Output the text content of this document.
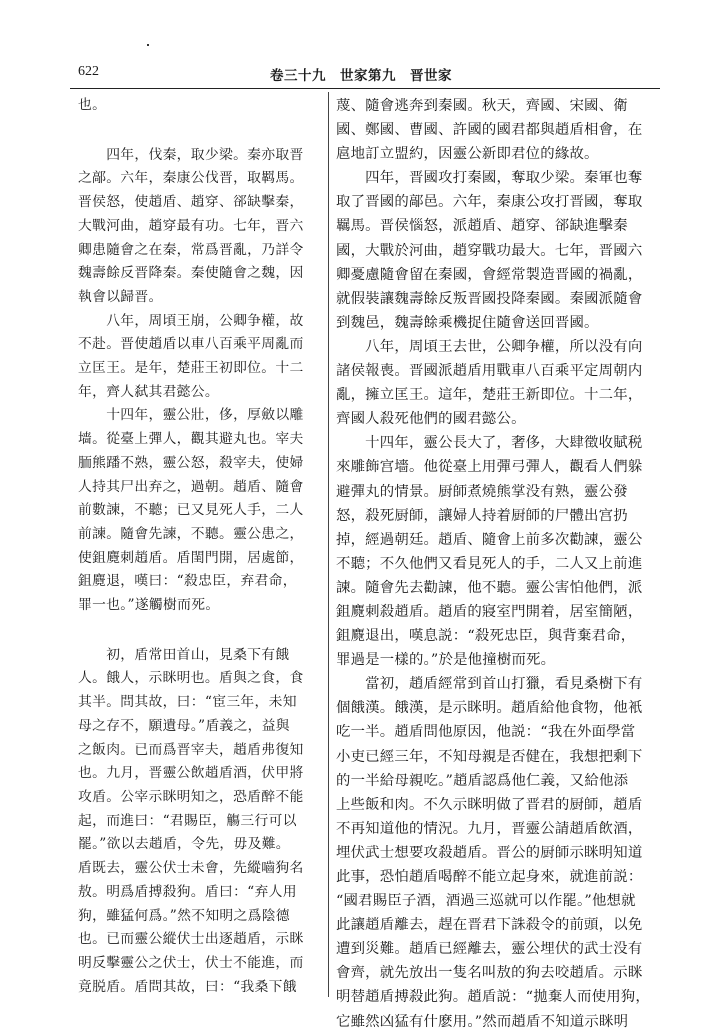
622	卷三十九　世家第九　晋世家

也。

　　四年，伐秦，取少梁。秦亦取晋
之鄗。六年，秦康公伐晋，取羁馬。
晋侯怒，使趙盾、趙穿、郤缺擊秦，
大戰河曲，趙穿最有功。七年，晋六
卿患隨會之在秦，常爲晋亂，乃詳令
魏壽餘反晋降秦。秦使隨會之魏，因
執會以歸晋。

　　八年，周頃王崩，公卿争權，故
不赴。晋使趙盾以車八百乘平周亂而
立匡王。是年，楚莊王初即位。十二
年，齊人弑其君懿公。

　　十四年，靈公壯，侈，厚斂以雕
墙。從臺上彈人，觀其避丸也。宰夫
胹熊蹯不熟，靈公怒，殺宰夫，使婦
人持其尸出弃之，過朝。趙盾、隨會
前數諫，不聽；已又見死人手，二人
前諫。隨會先諫，不聽。靈公患之，
使鉏麑刺趙盾。盾閨門開，居處節，
鉏麑退，嘆曰：“殺忠臣，弃君命，
罪一也。”遂觸樹而死。

　　初，盾常田首山，見桑下有餓
人。餓人，示眯明也。盾與之食，食
其半。問其故，曰：“宦三年，未知
母之存不，願遺母。”盾義之，益與
之飯肉。已而爲晋宰夫，趙盾弗復知
也。九月，晋靈公飲趙盾酒，伏甲將
攻盾。公宰示眯明知之，恐盾醉不能
起，而進曰：“君賜臣，觴三行可以
罷。”欲以去趙盾，令先，毋及難。
盾既去，靈公伏士未會，先縱嚙狗名
敖。明爲盾搏殺狗。盾曰：“弃人用
狗，雖猛何爲。”然不知明之爲陰德
也。已而靈公縱伏士出逐趙盾，示眯
明反擊靈公之伏士，伏士不能進，而
竟脱盾。盾問其故，曰：“我桑下餓

蔑、隨會逃奔到秦國。秋天，齊國、宋國、衛
國、鄭國、曹國、許國的國君都與趙盾相會，在
扈地訂立盟約，因靈公新即君位的緣故。

　　四年，晋國攻打秦國，奪取少梁。秦軍也奪
取了晋國的鄗邑。六年，秦康公攻打晋國，奪取
羈馬。晋侯惱怒，派趙盾、趙穿、郤缺進擊秦
國，大戰於河曲，趙穿戰功最大。七年，晋國六
卿憂慮隨會留在秦國，會經常製造晋國的禍亂，
就假裝讓魏壽餘反叛晋國投降秦國。秦國派隨會
到魏邑，魏壽餘乘機捉住隨會送回晋國。

　　八年，周頃王去世，公卿争權，所以没有向
諸侯報喪。晋國派趙盾用戰車八百乘平定周朝内
亂，擁立匡王。這年，楚莊王新即位。十二年，
齊國人殺死他們的國君懿公。

　　十四年，靈公長大了，奢侈，大肆徵收賦税
來雕飾宫墻。他從臺上用彈弓彈人，觀看人們躲
避彈丸的情景。厨師煮燒熊掌没有熟，靈公發
怒，殺死厨師，讓婦人持着厨師的尸體出宫扔
掉，經過朝廷。趙盾、隨會上前多次勸諫，靈公
不聽；不久他們又看見死人的手，二人又上前進
諫。隨會先去勸諫，他不聽。靈公害怕他們，派
鉏麑刺殺趙盾。趙盾的寢室門開着，居室簡陋，
鉏麑退出，嘆息説：“殺死忠臣，與背棄君命，
罪過是一樣的。”於是他撞樹而死。

　　當初，趙盾經常到首山打獵，看見桑樹下有
個餓漢。餓漢，是示眯明。趙盾給他食物，他衹
吃一半。趙盾問他原因，他説：“我在外面學當
小吏已經三年，不知母親是否健在，我想把剩下
的一半給母親吃。”趙盾認爲他仁義，又給他添
上些飯和肉。不久示眯明做了晋君的厨師，趙盾
不再知道他的情況。九月，晋靈公請趙盾飲酒，
埋伏武士想要攻殺趙盾。晋公的厨師示眯明知道
此事，恐怕趙盾喝醉不能立起身來，就進前説：
“國君賜臣子酒，酒過三巡就可以作罷。”他想就
此讓趙盾離去，趕在晋君下誅殺令的前頭，以免
遭到災難。趙盾已經離去，靈公埋伏的武士没有
會齊，就先放出一隻名叫敖的狗去咬趙盾。示眯
明替趙盾搏殺此狗。趙盾説：“拋棄人而使用狗，
它雖然凶猛有什麽用。”然而趙盾不知道示眯明
